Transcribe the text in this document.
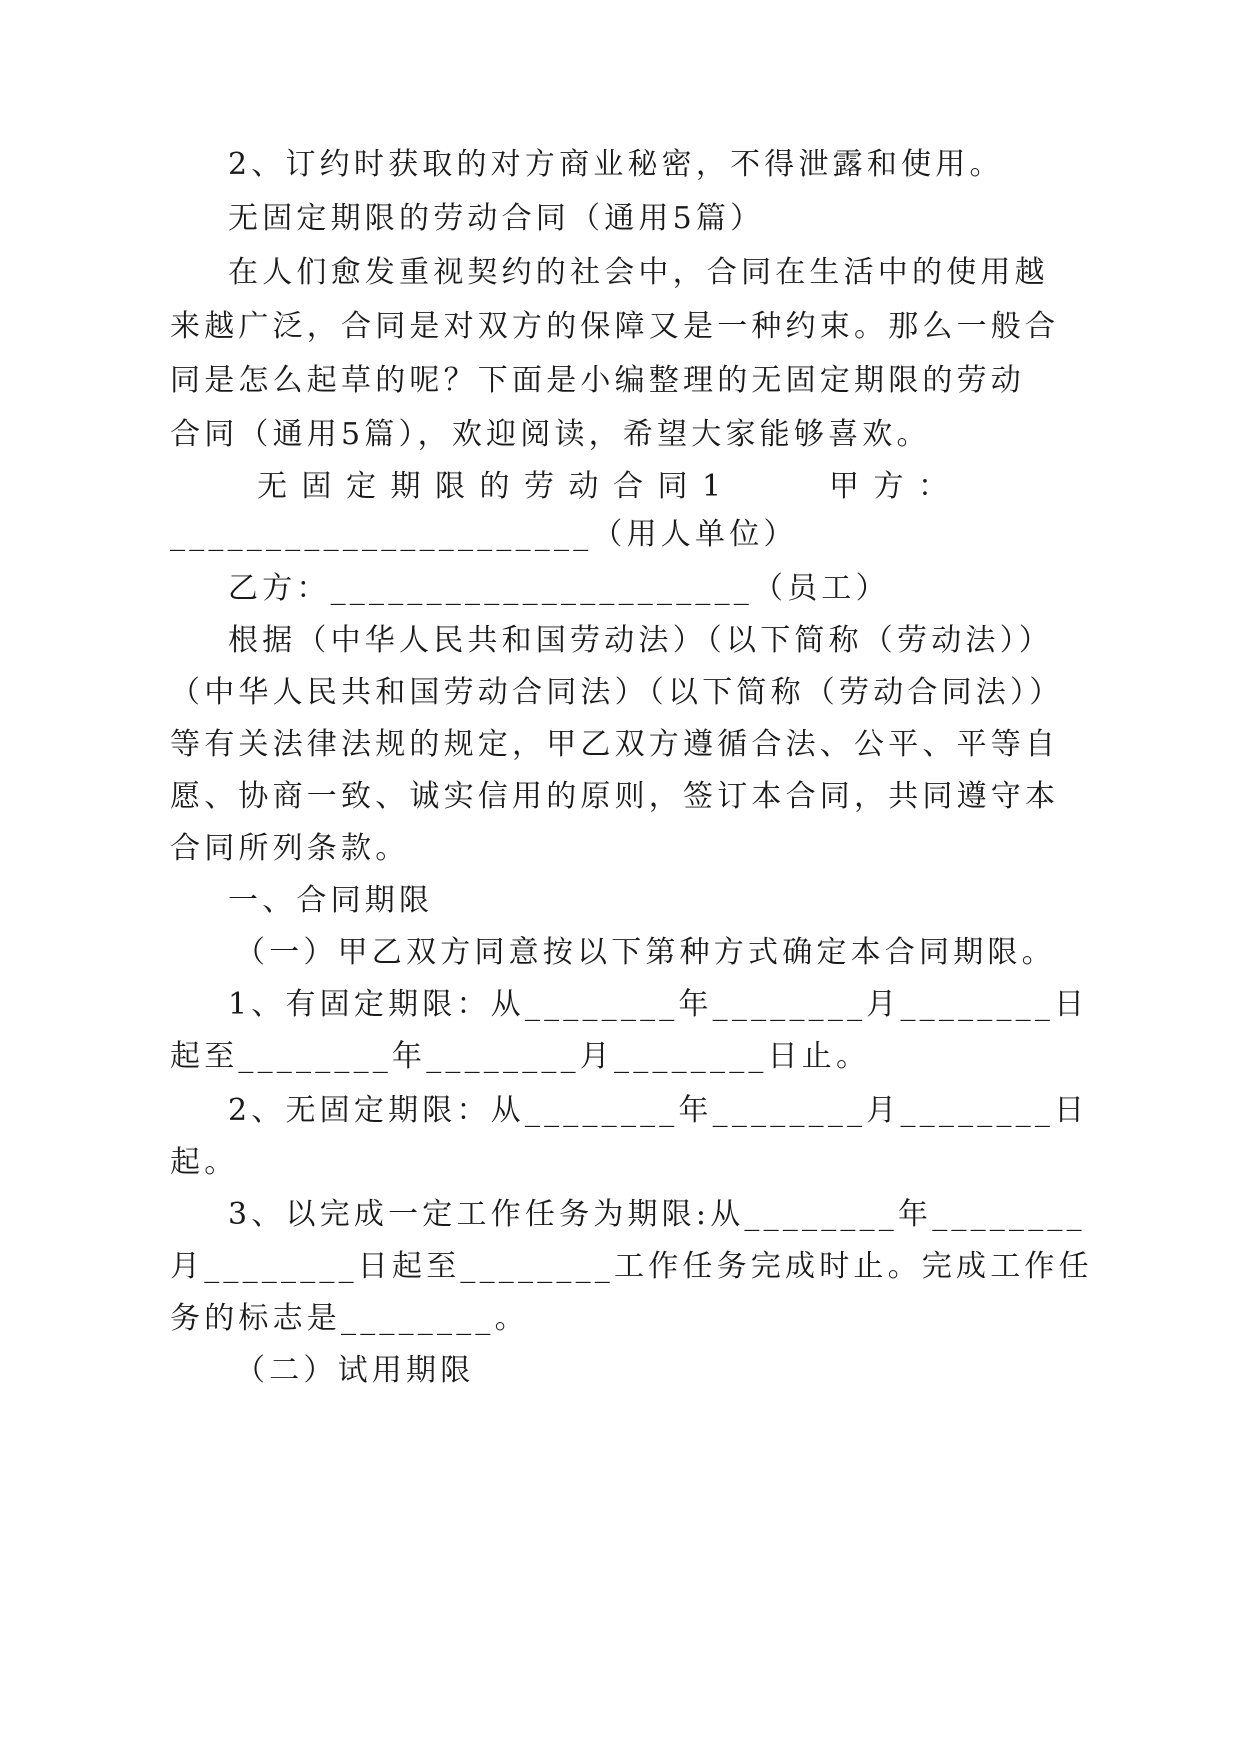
2、订约时获取的对方商业秘密，不得泄露和使用。

无固定期限的劳动合同（通用5篇）

在人们愈发重视契约的社会中，合同在生活中的使用越

来越广泛，合同是对双方的保障又是一种约束。那么一般合

同是怎么起草的呢？下面是小编整理的无固定期限的劳动

合同（通用5篇），欢迎阅读，希望大家能够喜欢。

无固定期限的劳动合同1	甲方：

______________________（用人单位）

乙方：______________________（员工）

根据（中华人民共和国劳动法）（以下简称（劳动法））

（中华人民共和国劳动合同法）（以下简称（劳动合同法））

等有关法律法规的规定，甲乙双方遵循合法、公平、平等自

愿、协商一致、诚实信用的原则，签订本合同，共同遵守本

合同所列条款。

一、合同期限

（一）甲乙双方同意按以下第种方式确定本合同期限。

1、有固定期限：从________年________月________日

起至________年________月________日止。

2、无固定期限：从________年________月________日

起。

3、以完成一定工作任务为期限:从________年________

月________日起至________工作任务完成时止。完成工作任

务的标志是________。

（二）试用期限
